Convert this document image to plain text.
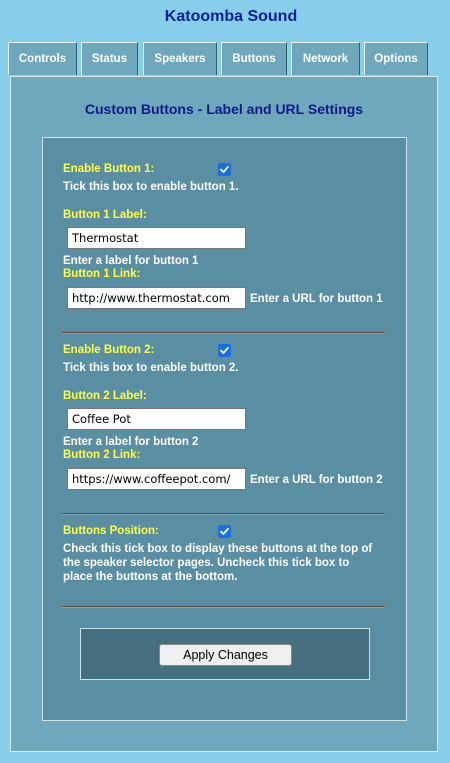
Katoomba Sound
Controls	Status	Speakers	Buttons	Network	Options
Custom Buttons - Label and URL Settings
Enable Button 1:
Tick this box to enable button 1.
Button 1 Label:
Thermostat
Enter a label for button 1
Button 1 Link:
http://www.thermostat.com
Enter a URL for button 1
Enable Button 2:
Tick this box to enable button 2.
Button 2 Label:
Coffee Pot
Enter a label for button 2
Button 2 Link:
https://www.coffeepot.com/
Enter a URL for button 2
Buttons Position:
Check this tick box to display these buttons at the top of
the speaker selector pages. Uncheck this tick box to
place the buttons at the bottom.
Apply Changes
